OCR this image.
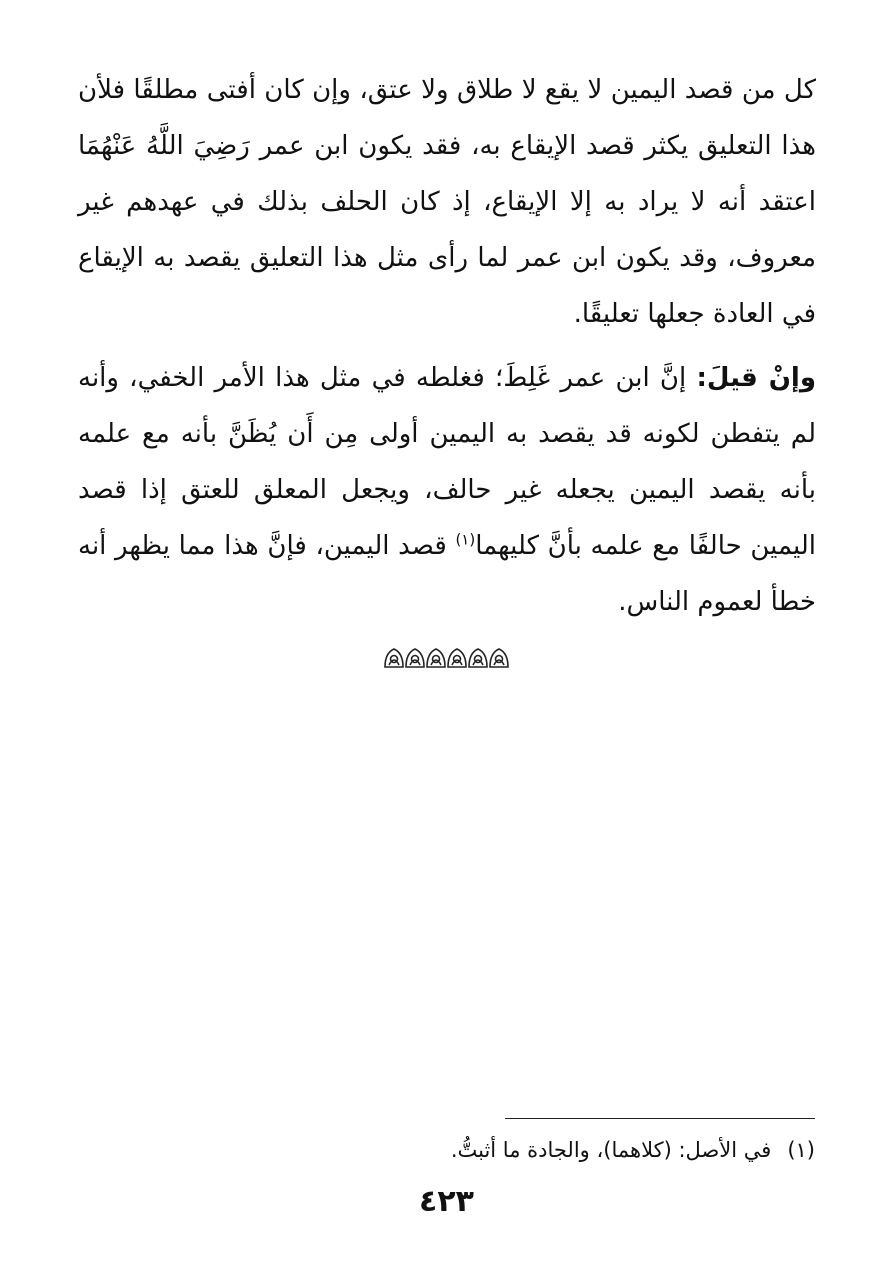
كل من قصد اليمين لا يقع لا طلاق ولا عتق، وإن كان أفتى مطلقًا فلأن هذا التعليق يكثر قصد الإيقاع به، فقد يكون ابن عمر رَضِيَ اللَّهُ عَنْهُمَا اعتقد أنه لا يراد به إلا الإيقاع، إذ كان الحلف بذلك في عهدهم غير معروف، وقد يكون ابن عمر لما رأى مثل هذا التعليق يقصد به الإيقاع في العادة جعلها تعليقًا.

وإنْ قيلَ: إنَّ ابن عمر غَلِطَ؛ فغلطه في مثل هذا الأمر الخفي، وأنه لم يتفطن لكونه قد يقصد به اليمين أولى مِن أَن يُظَنَّ بأنه مع علمه بأنه يقصد اليمين يجعله غير حالف، ويجعل المعلق للعتق إذا قصد اليمين حالفًا مع علمه بأنَّ كليهما$^{(١)}$ قصد اليمين، فإنَّ هذا مما يظهر أنه خطأ لعموم الناس.

(١)في الأصل: (كلاهما)، والجادة ما أثبتُّ.
٤٢٣
